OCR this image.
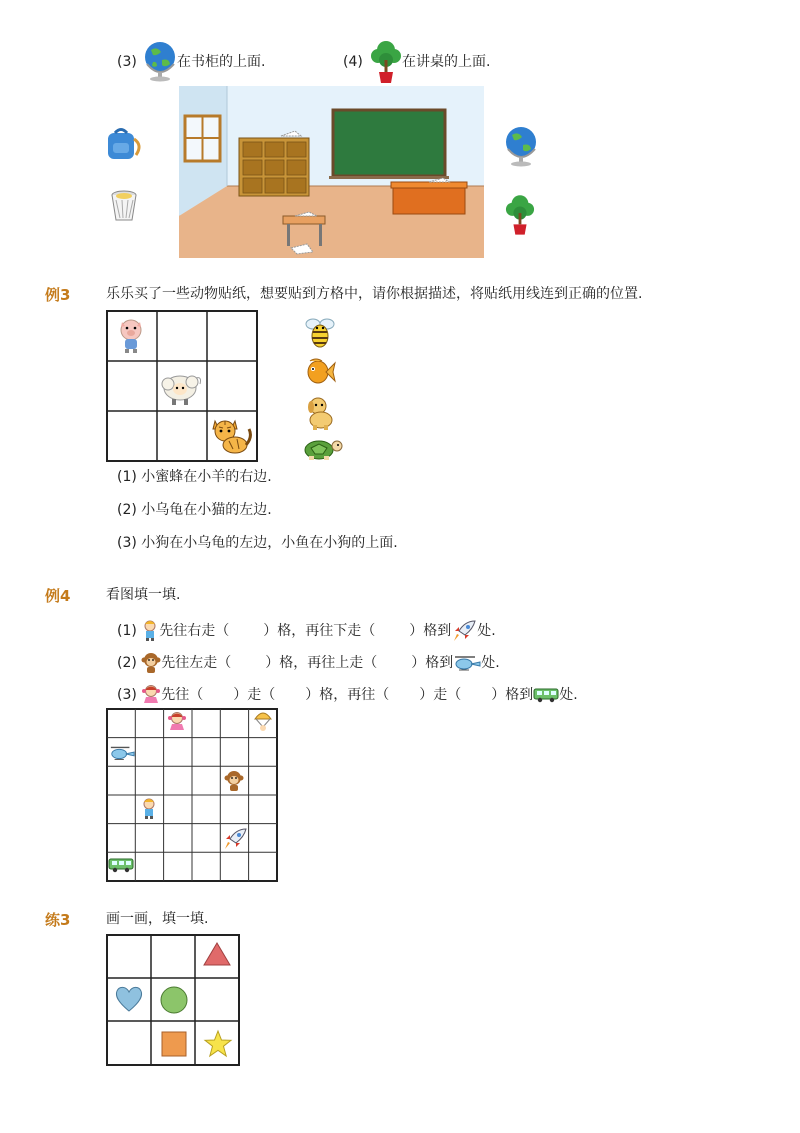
(3)	在书柜的上面.	(4)	在讲桌的上面.
例3	乐乐买了一些动物贴纸，想要贴到方格中，请你根据描述，将贴纸用线连到正确的位置.
(1) 小蜜蜂在小羊的右边.
(2) 小乌龟在小猫的左边.
(3) 小狗在小乌龟的左边，小鱼在小狗的上面.
例4	看图填一填.
(1) 先往右走（ ）格，再往下走（ ）格到 处.
(2) 先往左走（ ）格，再往上走（ ）格到 处.
(3) 先往（ ）走（ ）格，再往（ ）走（ ）格到 处.
练3	画一画，填一填.
